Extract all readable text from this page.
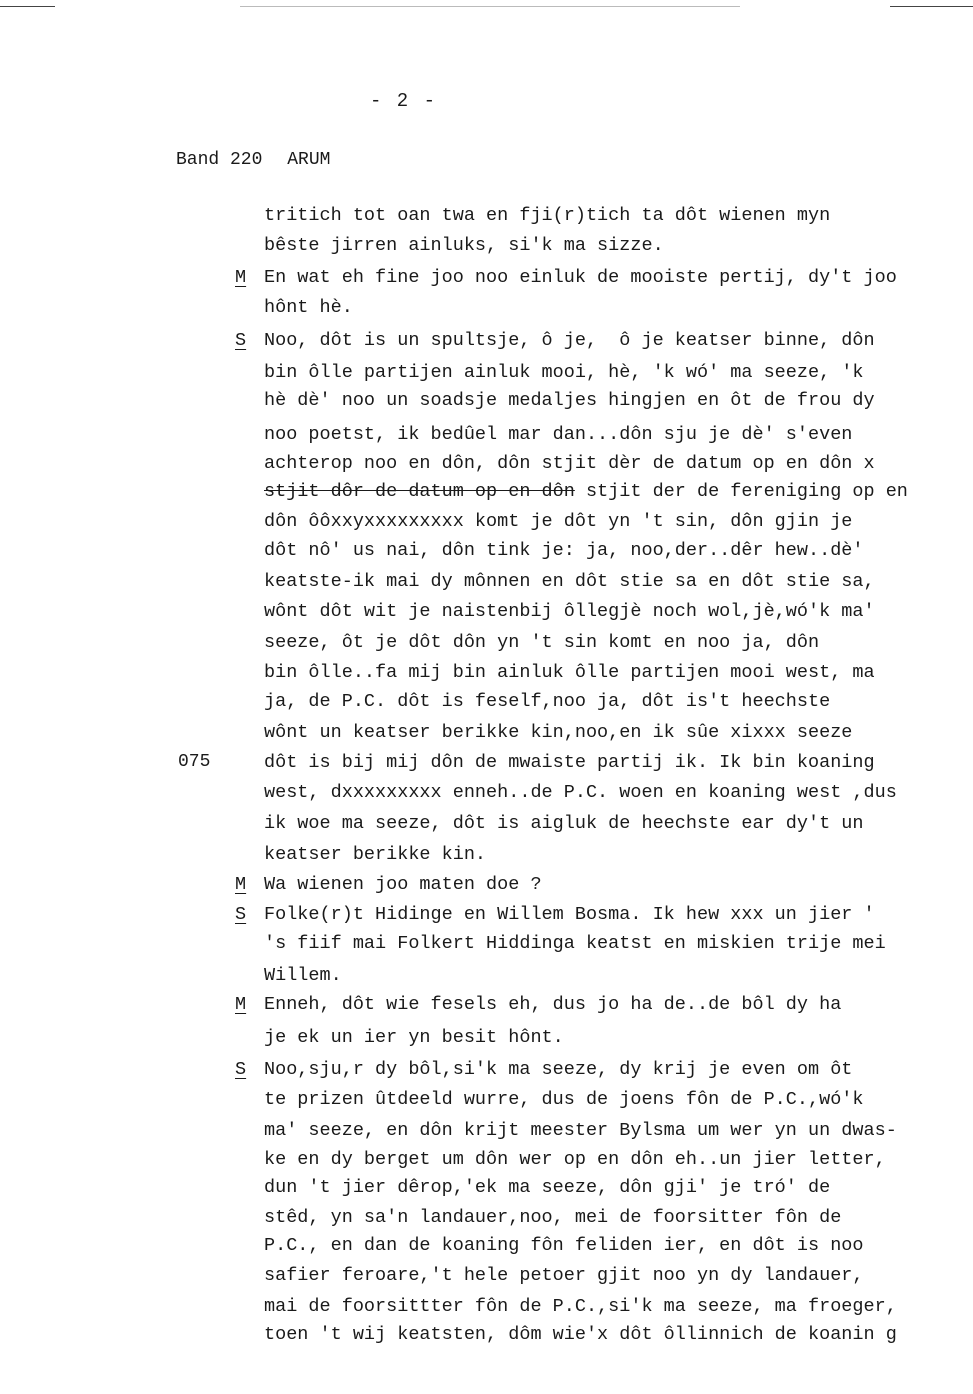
- 2 -
Band 220 ARUM
tritich tot oan twa en fji(r)tich ta dôt wienen myn
bêste jirren ainluks, si'k ma sizze.
En wat eh fine joo noo einluk de mooiste pertij, dy't joo
M
hônt hè.
Noo, dôt is un spultsje, ô je,  ô je keatser binne, dôn
S
bin ôlle partijen ainluk mooi, hè, 'k wó' ma seeze, 'k
hè dè' noo un soadsje medaljes hingjen en ôt de frou dy
noo poetst, ik bedûel mar dan...dôn sju je dè' s'even
achterop noo en dôn, dôn stjit dèr de datum op en dôn x
stjit dôr de datum op en dôn stjit der de fereniging op en
dôn ôôxxyxxxxxxxxx komt je dôt yn 't sin, dôn gjin je
dôt nô' us nai, dôn tink je: ja, noo,der..dêr hew..dè'
keatste-ik mai dy mônnen en dôt stie sa en dôt stie sa,
wônt dôt wit je naistenbij ôllegjè noch wol,jè,wó'k ma'
seeze, ôt je dôt dôn yn 't sin komt en noo ja, dôn
bin ôlle..fa mij bin ainluk ôlle partijen mooi west, ma
ja, de P.C. dôt is feself,noo ja, dôt is't heechste
wônt un keatser berikke kin,noo,en ik sûe xixxx seeze
dôt is bij mij dôn de mwaiste partij ik. Ik bin koaning
075
west, dxxxxxxxxx enneh..de P.C. woen en koaning west ,dus
ik woe ma seeze, dôt is aigluk de heechste ear dy't un
keatser berikke kin.
Wa wienen joo maten doe ?
M
Folke(r)t Hidinge en Willem Bosma. Ik hew xxx un jier '
S
's fiif mai Folkert Hiddinga keatst en miskien trije mei
Willem.
Enneh, dôt wie fesels eh, dus jo ha de..de bôl dy ha
M
je ek un ier yn besit hônt.
Noo,sju,r dy bôl,si'k ma seeze, dy krij je even om ôt
S
te prizen ûtdeeld wurre, dus de joens fôn de P.C.,wó'k
ma' seeze, en dôn krijt meester Bylsma um wer yn un dwas-
ke en dy berget um dôn wer op en dôn eh..un jier letter,
dun 't jier dêrop,'ek ma seeze, dôn gji' je tró' de
stêd, yn sa'n landauer,noo, mei de foorsitter fôn de
P.C., en dan de koaning fôn feliden ier, en dôt is noo
safier feroare,'t hele petoer gjit noo yn dy landauer,
mai de foorsittter fôn de P.C.,si'k ma seeze, ma froeger,
toen 't wij keatsten, dôm wie'x dôt ôllinnich de koanin g
